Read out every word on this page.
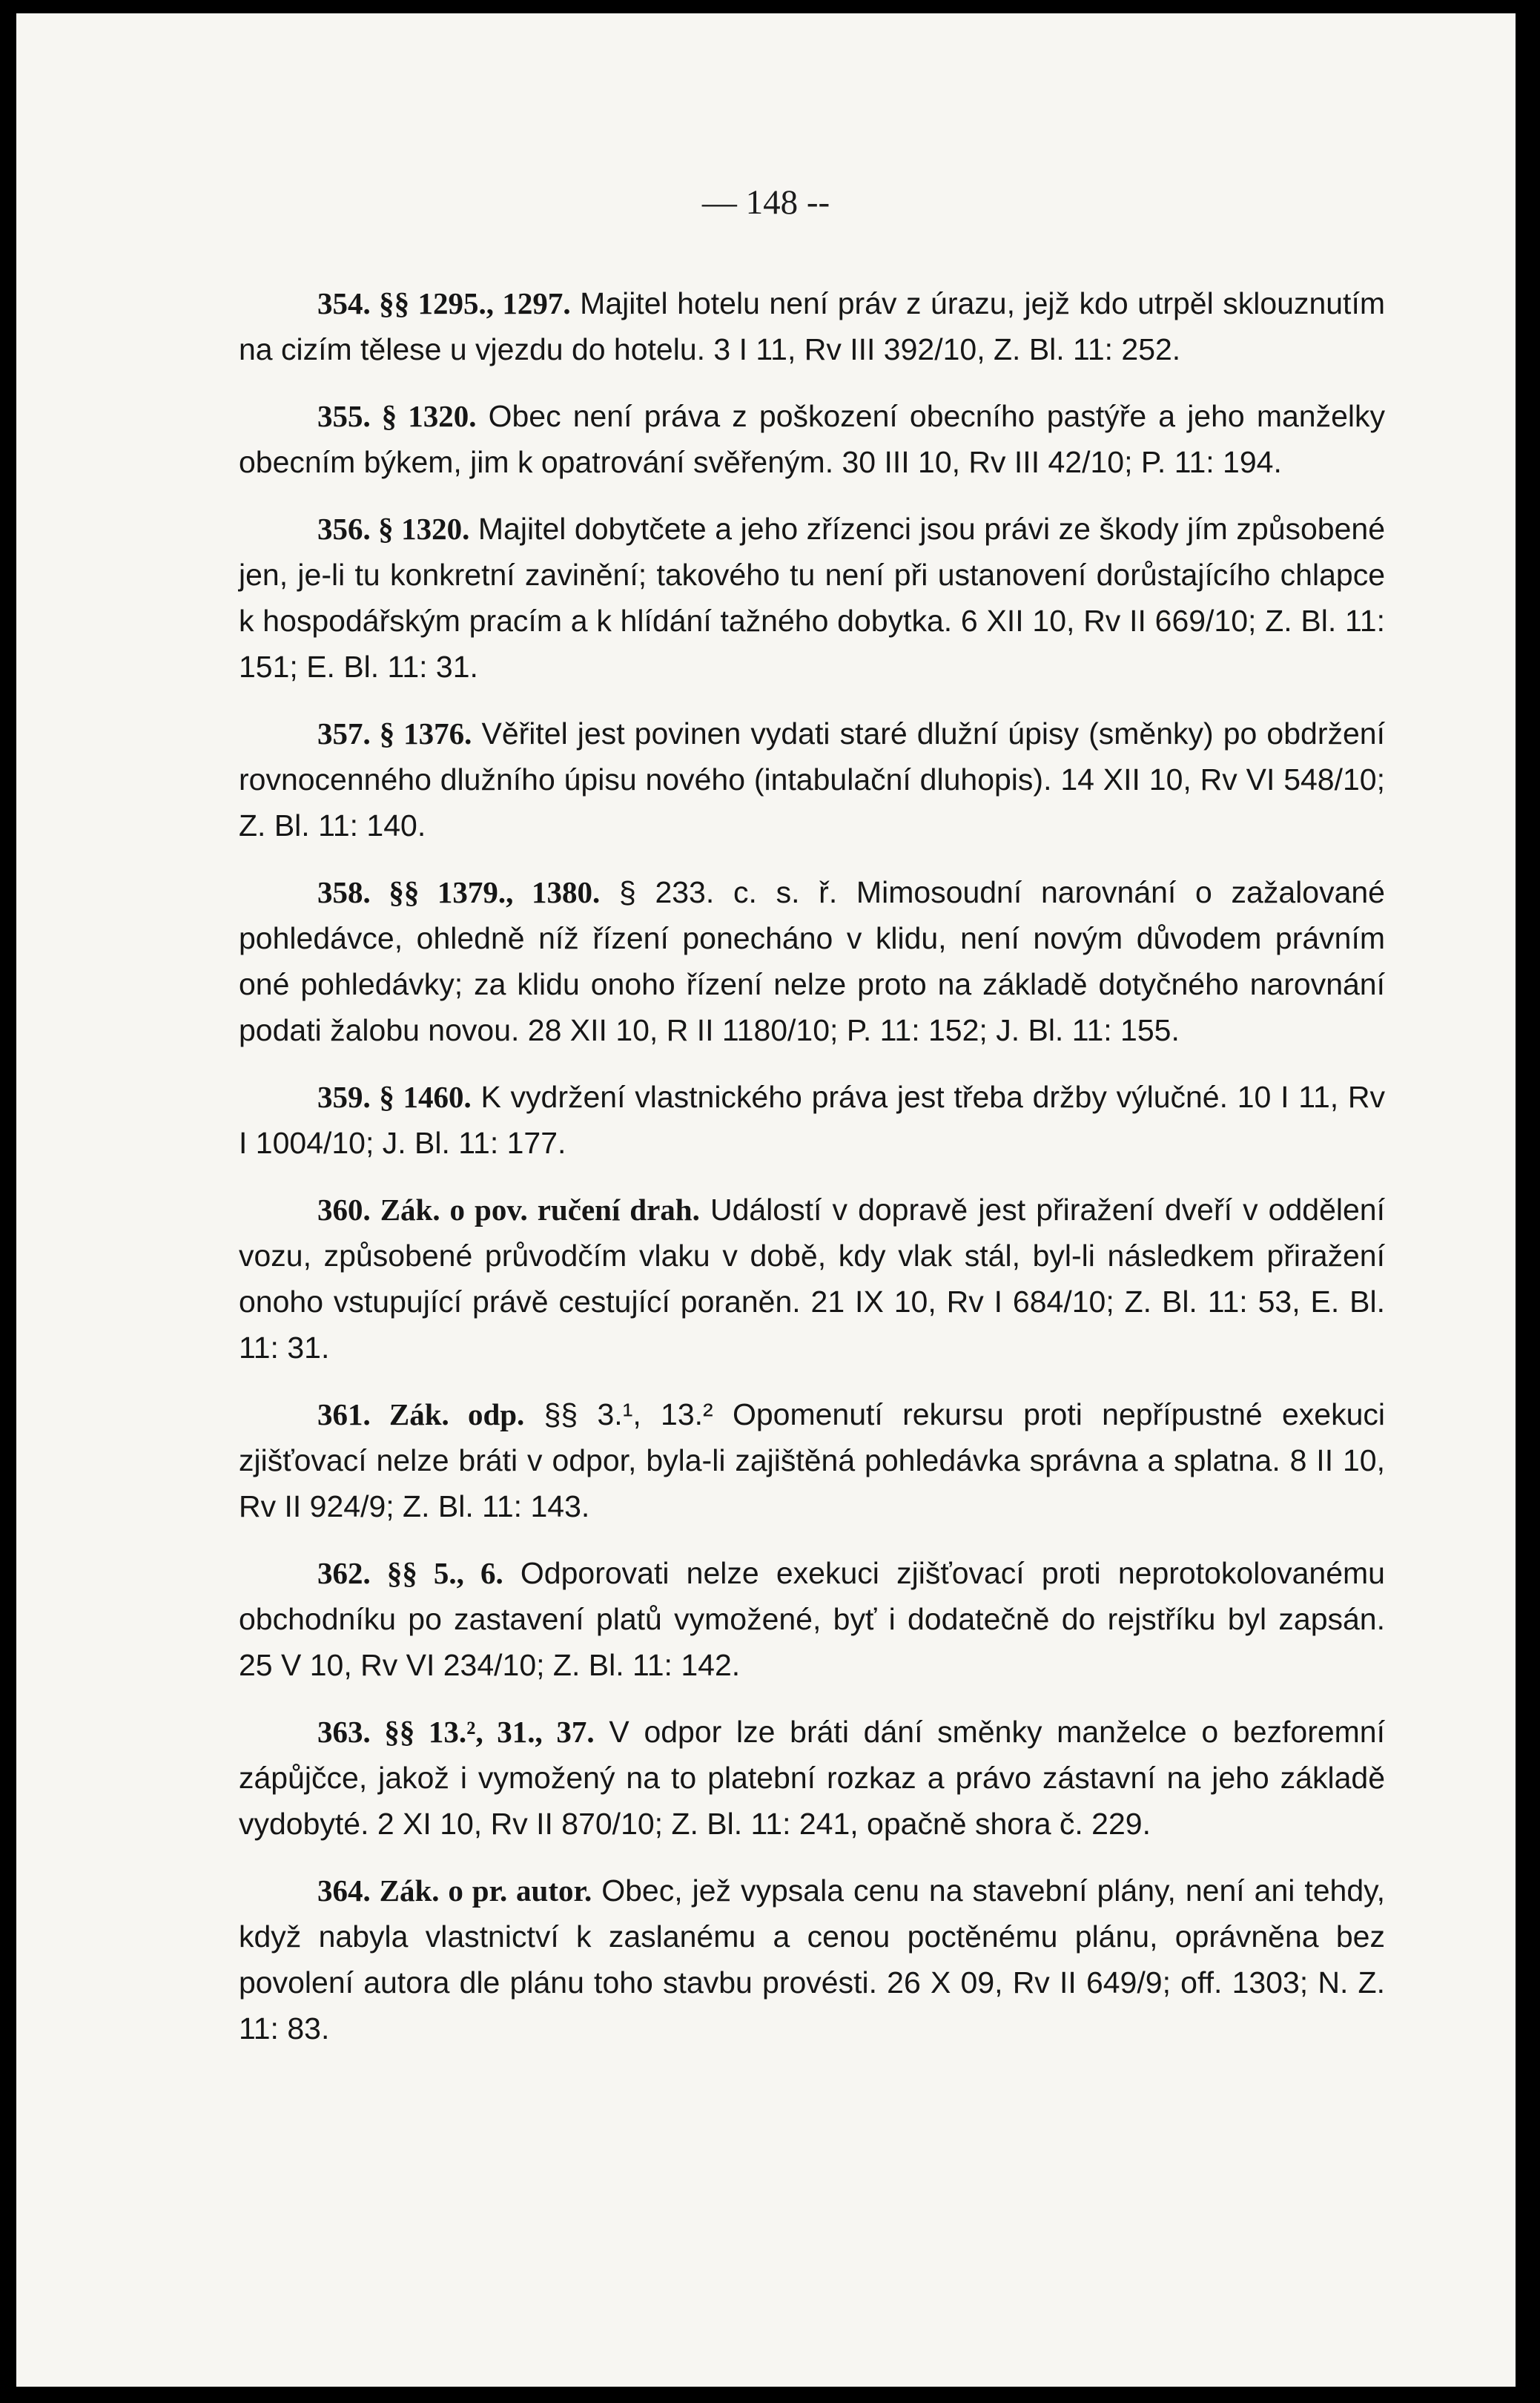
— 148 --

354. §§ 1295., 1297. Majitel hotelu není práv z úrazu, jejž kdo utrpěl sklouznutím na cizím tělese u vjezdu do hotelu. 3 I 11, Rv III 392/10, Z. Bl. 11: 252.

355. § 1320. Obec není práva z poškození obecního pastýře a jeho manželky obecním býkem, jim k opatrování svěřeným. 30 III 10, Rv III 42/10; P. 11: 194.

356. § 1320. Majitel dobytčete a jeho zřízenci jsou právi ze škody jím způsobené jen, je-li tu konkretní zavinění; takového tu není při ustanovení dorůstajícího chlapce k hospodářským pracím a k hlídání tažného dobytka. 6 XII 10, Rv II 669/10; Z. Bl. 11: 151; E. Bl. 11: 31.

357. § 1376. Věřitel jest povinen vydati staré dlužní úpisy (směnky) po obdržení rovnocenného dlužního úpisu nového (intabulační dluhopis). 14 XII 10, Rv VI 548/10; Z. Bl. 11: 140.

358. §§ 1379., 1380. § 233. c. s. ř. Mimosoudní narovnání o zažalované pohledávce, ohledně níž řízení ponecháno v klidu, není novým důvodem právním oné pohledávky; za klidu onoho řízení nelze proto na základě dotyčného narovnání podati žalobu novou. 28 XII 10, R II 1180/10; P. 11: 152; J. Bl. 11: 155.

359. § 1460. K vydržení vlastnického práva jest třeba držby výlučné. 10 I 11, Rv I 1004/10; J. Bl. 11: 177.

360. Zák. o pov. ručení drah. Událostí v dopravě jest přiražení dveří v oddělení vozu, způsobené průvodčím vlaku v době, kdy vlak stál, byl-li následkem přiražení onoho vstupující právě cestující poraněn. 21 IX 10, Rv I 684/10; Z. Bl. 11: 53, E. Bl. 11: 31.

361. Zák. odp. §§ 3.¹, 13.² Opomenutí rekursu proti nepřípustné exekuci zjišťovací nelze bráti v odpor, byla-li zajištěná pohledávka správna a splatna. 8 II 10, Rv II 924/9; Z. Bl. 11: 143.

362. §§ 5., 6. Odporovati nelze exekuci zjišťovací proti neprotokolovanému obchodníku po zastavení platů vymožené, byť i dodatečně do rejstříku byl zapsán. 25 V 10, Rv VI 234/10; Z. Bl. 11: 142.

363. §§ 13.², 31., 37. V odpor lze bráti dání směnky manželce o bezforemní zápůjčce, jakož i vymožený na to platební rozkaz a právo zástavní na jeho základě vydobyté. 2 XI 10, Rv II 870/10; Z. Bl. 11: 241, opačně shora č. 229.

364. Zák. o pr. autor. Obec, jež vypsala cenu na stavební plány, není ani tehdy, když nabyla vlastnictví k zaslanému a cenou poctěnému plánu, oprávněna bez povolení autora dle plánu toho stavbu provésti. 26 X 09, Rv II 649/9; off. 1303; N. Z. 11: 83.
